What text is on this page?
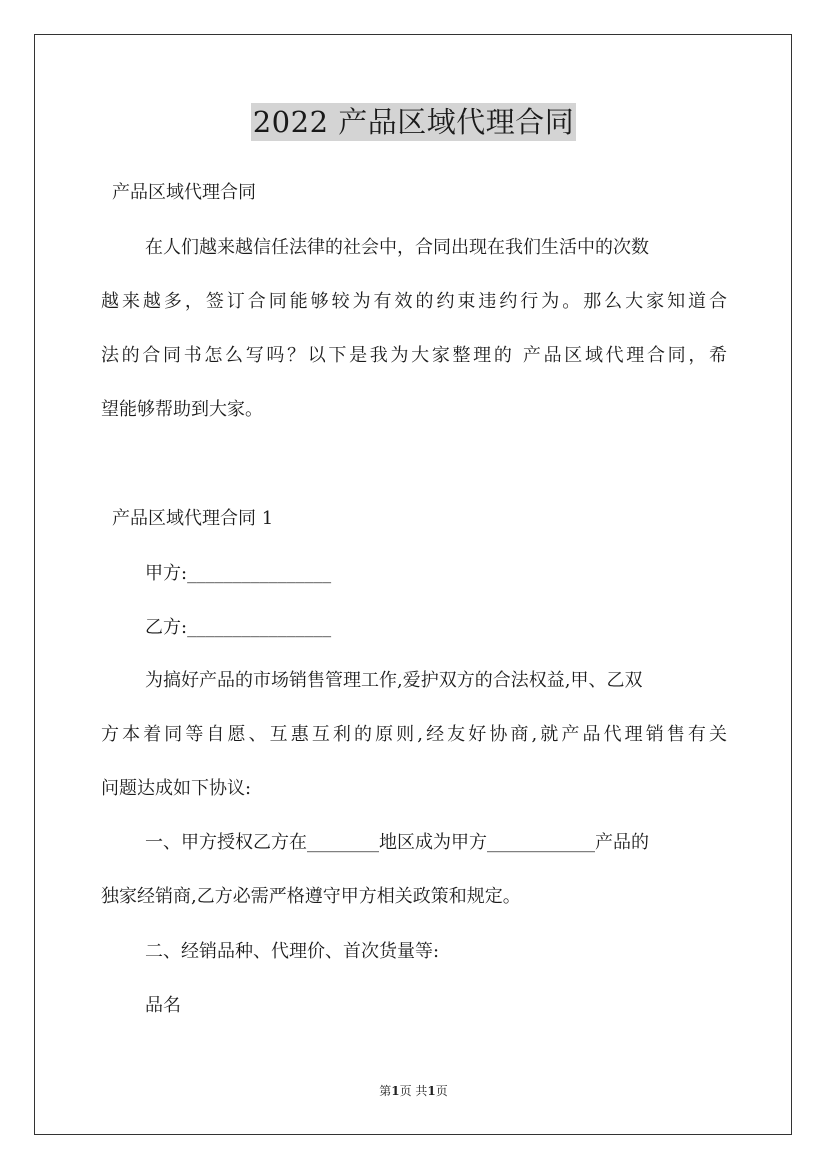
2022 产品区域代理合同
产品区域代理合同
在人们越来越信任法律的社会中，合同出现在我们生活中的次数
越来越多，签订合同能够较为有效的约束违约行为。那么大家知道合
法的合同书怎么写吗？以下是我为大家整理的 产品区域代理合同，希
望能够帮助到大家。
产品区域代理合同 1
甲方:________________
乙方:________________
为搞好产品的市场销售管理工作,爱护双方的合法权益,甲、乙双
方本着同等自愿、互惠互利的原则,经友好协商,就产品代理销售有关
问题达成如下协议:
一、甲方授权乙方在________地区成为甲方____________产品的
独家经销商,乙方必需严格遵守甲方相关政策和规定。
二、经销品种、代理价、首次货量等:
品名
第1页 共1页
